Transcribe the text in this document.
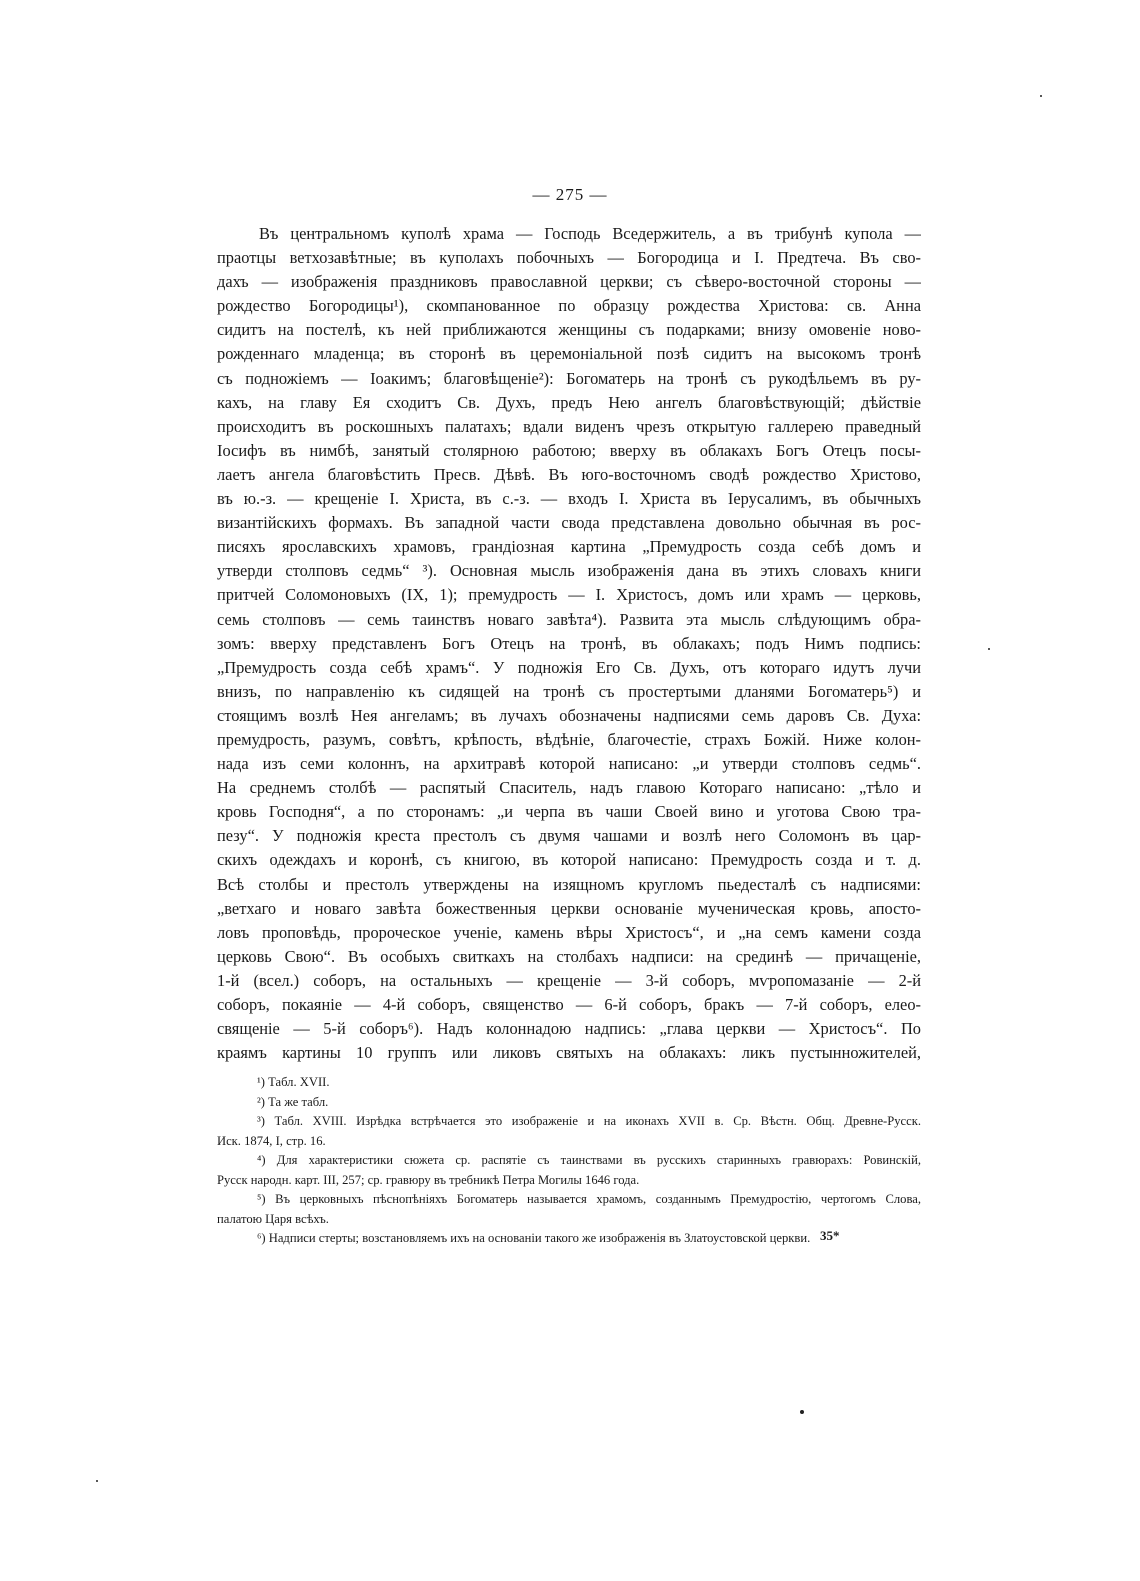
— 275 —
Въ центральномъ куполѣ храма — Господь Вседержитель, а въ трибунѣ купола —
праотцы ветхозавѣтные; въ куполахъ побочныхъ — Богородица и I. Предтеча. Въ сво-
дахъ — изображенія праздниковъ православной церкви; съ сѣверо-восточной стороны —
рождество Богородицы¹), скомпанованное по образцу рождества Христова: св. Анна
сидитъ на постелѣ, къ ней приближаются женщины съ подарками; внизу омовеніе ново-
рожденнаго младенца; въ сторонѣ въ церемоніальной позѣ сидитъ на высокомъ тронѣ
съ подножіемъ — Іоакимъ; благовѣщеніе²): Богоматерь на тронѣ съ рукодѣльемъ въ ру-
кахъ, на главу Ея сходитъ Св. Духъ, предъ Нею ангелъ благовѣствующій; дѣйствіе
происходитъ въ роскошныхъ палатахъ; вдали виденъ чрезъ открытую галлерею праведный
Іосифъ въ нимбѣ, занятый столярною работою; вверху въ облакахъ Богъ Отецъ посы-
лаетъ ангела благовѣстить Пресв. Дѣвѣ. Въ юго-восточномъ сводѣ рождество Христово,
въ ю.-з. — крещеніе I. Христа, въ с.-з. — входъ I. Христа въ Іерусалимъ, въ обычныхъ
византійскихъ формахъ. Въ западной части свода представлена довольно обычная въ рос-
писяхъ ярославскихъ храмовъ, грандіозная картина „Премудрость созда себѣ домъ и
утверди столповъ седмь“ ³). Основная мысль изображенія дана въ этихъ словахъ книги
притчей Соломоновыхъ (IX, 1); премудрость — I. Христосъ, домъ или храмъ — церковь,
семь столповъ — семь таинствъ новаго завѣта⁴). Развита эта мысль слѣдующимъ обра-
зомъ: вверху представленъ Богъ Отецъ на тронѣ, въ облакахъ; подъ Нимъ подпись:
„Премудрость созда себѣ храмъ“. У подножія Его Св. Духъ, отъ котораго идутъ лучи
внизъ, по направленію къ сидящей на тронѣ съ простертыми дланями Богоматерь⁵) и
стоящимъ возлѣ Нея ангеламъ; въ лучахъ обозначены надписями семь даровъ Св. Духа:
премудрость, разумъ, совѣтъ, крѣпость, вѣдѣніе, благочестіе, страхъ Божій. Ниже колон-
нада изъ семи колоннъ, на архитравѣ которой написано: „и утверди столповъ седмь“.
На среднемъ столбѣ — распятый Спаситель, надъ главою Котораго написано: „тѣло и
кровь Господня“, а по сторонамъ: „и черпа въ чаши Своей вино и уготова Свою тра-
пезу“. У подножія креста престолъ съ двумя чашами и возлѣ него Соломонъ въ цар-
скихъ одеждахъ и коронѣ, съ книгою, въ которой написано: Премудрость созда и т. д.
Всѣ столбы и престолъ утверждены на изящномъ кругломъ пьедесталѣ съ надписями:
„ветхаго и новаго завѣта божественныя церкви основаніе мученическая кровь, апосто-
ловъ проповѣдь, пророческое ученіе, камень вѣры Христосъ“, и „на семъ камени созда
церковь Свою“. Въ особыхъ свиткахъ на столбахъ надписи: на срединѣ — причащеніе,
1-й (всел.) соборъ, на остальныхъ — крещеніе — 3-й соборъ, мѵропомазаніе — 2-й
соборъ, покаяніе — 4-й соборъ, священство — 6-й соборъ, бракъ — 7-й соборъ, елео-
священіе — 5-й соборъ⁶). Надъ колоннадою надпись: „глава церкви — Христосъ“. По
краямъ картины 10 группъ или ликовъ святыхъ на облакахъ: ликъ пустынножителей,
¹) Табл. XVII.
²) Та же табл.
³) Табл. XVIII. Изрѣдка встрѣчается это изображеніе и на иконахъ XVII в. Ср. Вѣстн. Общ. Древне-Русск.
Иск. 1874, I, стр. 16.
⁴) Для характеристики сюжета ср. распятіе съ таинствами въ русскихъ старинныхъ гравюрахъ: Ровинскій,
Русск народн. карт. III, 257; ср. гравюру въ требникѣ Петра Могилы 1646 года.
⁵) Въ церковныхъ пѣснопѣніяхъ Богоматерь называется храмомъ, созданнымъ Премудростію, чертогомъ Слова,
палатою Царя всѣхъ.
⁶) Надписи стерты; возстановляемъ ихъ на основаніи такого же изображенія въ Златоустовской церкви. 35*
